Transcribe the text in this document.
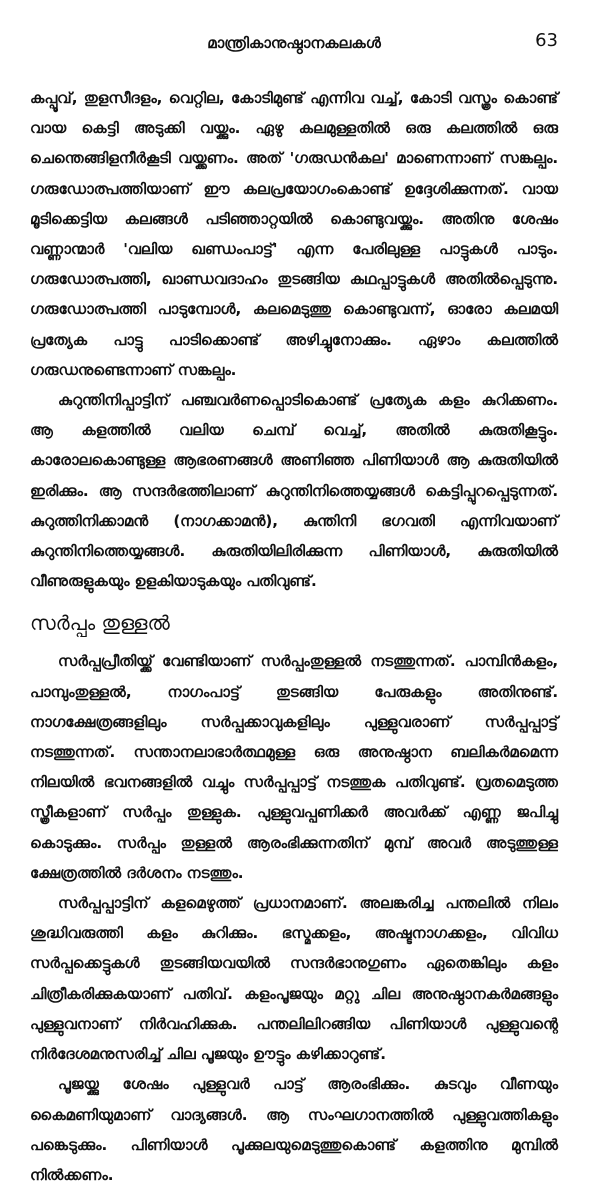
മാന്ത്രികാനുഷ്ഠാനകലകൾ	63

കപ്പൂവ്, തുളസീദളം, വെറ്റില, കോടിമുണ്ട് എന്നിവ വച്ച്, കോടി വസ്ത്രം കൊണ്ട് വായ കെട്ടി അടുക്കി വയ്ക്കും. ഏഴു കലമുള്ളതിൽ ഒരു കലത്തിൽ ഒരു ചെന്തെങ്ങിളനീർകൂടി വയ്ക്കണം. അത് 'ഗരുഡൻകല' മാണെന്നാണ് സങ്കല്പം. ഗരുഡോത്പത്തിയാണ് ഈ കലപ്രയോഗംകൊണ്ട് ഉദ്ദേശിക്കുന്നത്. വായ മൂടിക്കെട്ടിയ കലങ്ങൾ പടിഞ്ഞാറ്റയിൽ കൊണ്ടുവയ്ക്കും. അതിനു ശേഷം വണ്ണാന്മാർ 'വലിയ ഖണ്ഡംപാട്ട്' എന്ന പേരിലുള്ള പാട്ടുകൾ പാടും. ഗരുഡോത്പത്തി, ഖാണ്ഡവദാഹം തുടങ്ങിയ കഥപ്പാട്ടുകൾ അതിൽപ്പെടുന്നു. ഗരുഡോത്പത്തി പാടുമ്പോൾ, കലമെടുത്തു കൊണ്ടുവന്ന്, ഓരോ കലമയി പ്രത്യേക പാട്ടു പാടിക്കൊണ്ട് അഴിച്ചുനോക്കും. ഏഴാം കലത്തിൽ ഗരുഡനുണ്ടെന്നാണ് സങ്കല്പം.

കുറുന്തിനിപ്പാട്ടിന് പഞ്ചവർണപ്പൊടികൊണ്ട് പ്രത്യേക കളം കുറിക്കണം. ആ കളത്തിൽ വലിയ ചെമ്പ് വെച്ച്, അതിൽ കുരുതികൂട്ടും. കാരോലകൊണ്ടുള്ള ആഭരണങ്ങൾ അണിഞ്ഞ പിണിയാൾ ആ കുരുതിയിൽ ഇരിക്കും. ആ സന്ദർഭത്തിലാണ് കുറുന്തിനിത്തെയ്യങ്ങൾ കെട്ടിപ്പുറപ്പെടുന്നത്. കുറുത്തിനിക്കാമൻ (നാഗക്കാമൻ), കുന്തിനി ഭഗവതി എന്നിവയാണ് കുറുന്തിനിത്തെയ്യങ്ങൾ. കുരുതിയിലിരിക്കുന്ന പിണിയാൾ, കുരുതിയിൽ വീണുരുളുകയും ഉളകിയാടുകയും പതിവുണ്ട്.

സർപ്പം തുള്ളൽ

സർപ്പപ്രീതിയ്ക്ക് വേണ്ടിയാണ് സർപ്പംതുള്ളൽ നടത്തുന്നത്. പാമ്പിൻകളം, പാമ്പുംതുള്ളൽ, നാഗംപാട്ട് തുടങ്ങിയ പേരുകളും അതിനുണ്ട്. നാഗക്ഷേത്രങ്ങളിലും സർപ്പക്കാവുകളിലും പുള്ളുവരാണ് സർപ്പപ്പാട്ട് നടത്തുന്നത്. സന്താനലാഭാർത്ഥമുള്ള ഒരു അനുഷ്ഠാന ബലികർമമെന്ന നിലയിൽ ഭവനങ്ങളിൽ വച്ചും സർപ്പപ്പാട്ട് നടത്തുക പതിവുണ്ട്. വ്രതമെടുത്ത സ്ത്രീകളാണ് സർപ്പം തുള്ളുക. പുള്ളുവപ്പണിക്കർ അവർക്ക് എണ്ണ ജപിച്ചു കൊടുക്കും. സർപ്പം തുള്ളൽ ആരംഭിക്കുന്നതിന് മുമ്പ് അവർ അടുത്തുള്ള ക്ഷേത്രത്തിൽ ദർശനം നടത്തും.

സർപ്പപ്പാട്ടിന് കളമെഴുത്ത് പ്രധാനമാണ്. അലങ്കരിച്ച പന്തലിൽ നിലം ശുദ്ധിവരുത്തി കളം കുറിക്കും. ഭസ്മക്കളം, അഷ്ടനാഗക്കളം, വിവിധ സർപ്പക്കെട്ടുകൾ തുടങ്ങിയവയിൽ സന്ദർഭാനുഗുണം ഏതെങ്കിലും കളം ചിത്രീകരിക്കുകയാണ് പതിവ്. കളംപൂജയും മറ്റു ചില അനുഷ്ഠാനകർമങ്ങളും പുള്ളുവനാണ് നിർവഹിക്കുക. പന്തലിലിറങ്ങിയ പിണിയാൾ പുള്ളുവന്റെ നിർദേശമനുസരിച്ച് ചില പൂജയും ഊട്ടും കഴിക്കാറുണ്ട്.

പൂജയ്ക്കു ശേഷം പുള്ളുവർ പാട്ട് ആരംഭിക്കും. കുടവും വീണയും കൈമണിയുമാണ് വാദ്യങ്ങൾ. ആ സംഘഗാനത്തിൽ പുള്ളുവത്തികളും പങ്കെടുക്കും. പിണിയാൾ പൂക്കുലയുമെടുത്തുകൊണ്ട് കളത്തിനു മുമ്പിൽ നിൽക്കണം.
